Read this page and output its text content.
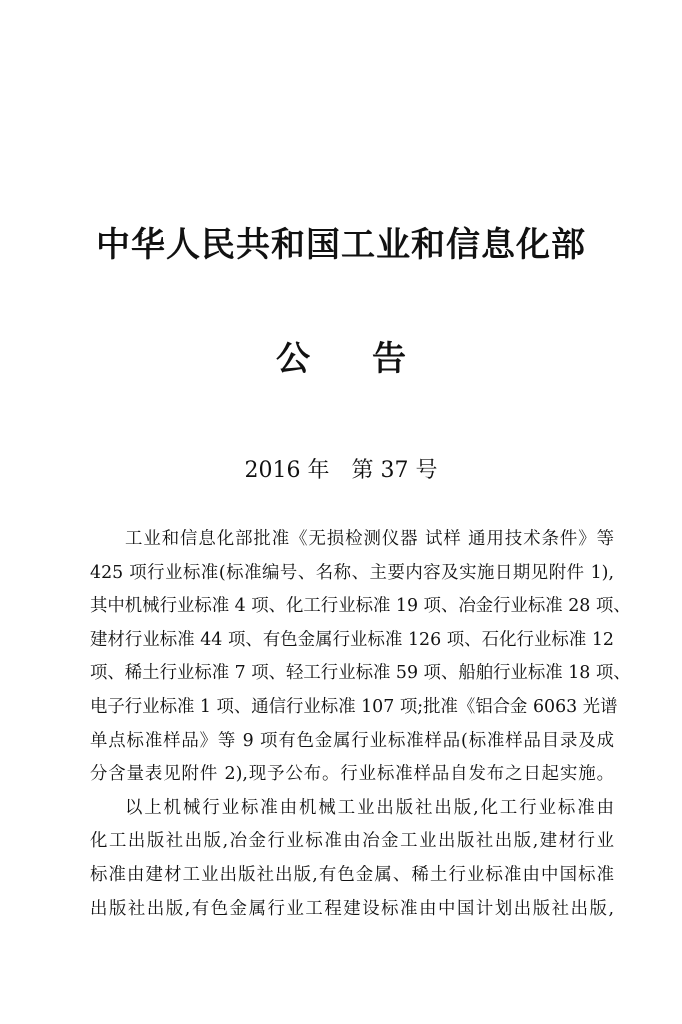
中华人民共和国工业和信息化部
公 告
2016 年 第 37 号
工业和信息化部批准《无损检测仪器 试样 通用技术条件》等
425 项行业标准(标准编号、名称、主要内容及实施日期见附件 1),
其中机械行业标准 4 项、化工行业标准 19 项、冶金行业标准 28 项、
建材行业标准 44 项、有色金属行业标准 126 项、石化行业标准 12
项、稀土行业标准 7 项、轻工行业标准 59 项、船舶行业标准 18 项、
电子行业标准 1 项、通信行业标准 107 项;批准《铝合金 6063 光谱
单点标准样品》等 9 项有色金属行业标准样品(标准样品目录及成
分含量表见附件 2),现予公布。行业标准样品自发布之日起实施。
以上机械行业标准由机械工业出版社出版,化工行业标准由
化工出版社出版,冶金行业标准由冶金工业出版社出版,建材行业
标准由建材工业出版社出版,有色金属、稀土行业标准由中国标准
出版社出版,有色金属行业工程建设标准由中国计划出版社出版,
